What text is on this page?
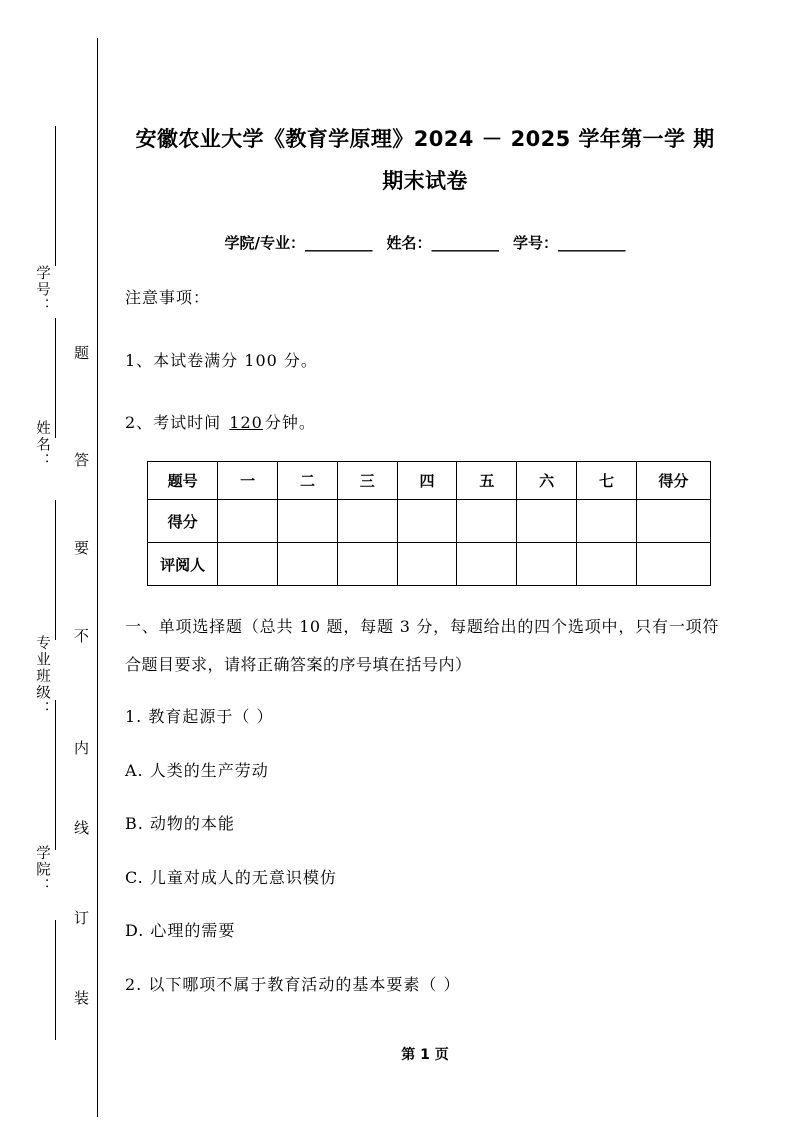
学号：
姓名：
专业班级：
学院：
题
答
要
不
内
线
订
装
安徽农业大学《教育学原理》2024 － 2025 学年第一学 期期末试卷
学院/专业：_________ 姓名：_________ 学号：_________
注意事项：
1、本试卷满分 100 分。
2、考试时间 120 分钟。
题号	一	二	三	四	五	六	七	得分
得分								
评阅人								
一、单项选择题（总共 10 题，每题 3 分，每题给出的四个选项中，只有一项符合题目要求，请将正确答案的序号填在括号内）
1. 教育起源于（ ）
A. 人类的生产劳动
B. 动物的本能
C. 儿童对成人的无意识模仿
D. 心理的需要
2. 以下哪项不属于教育活动的基本要素（ ）
第 1 页
